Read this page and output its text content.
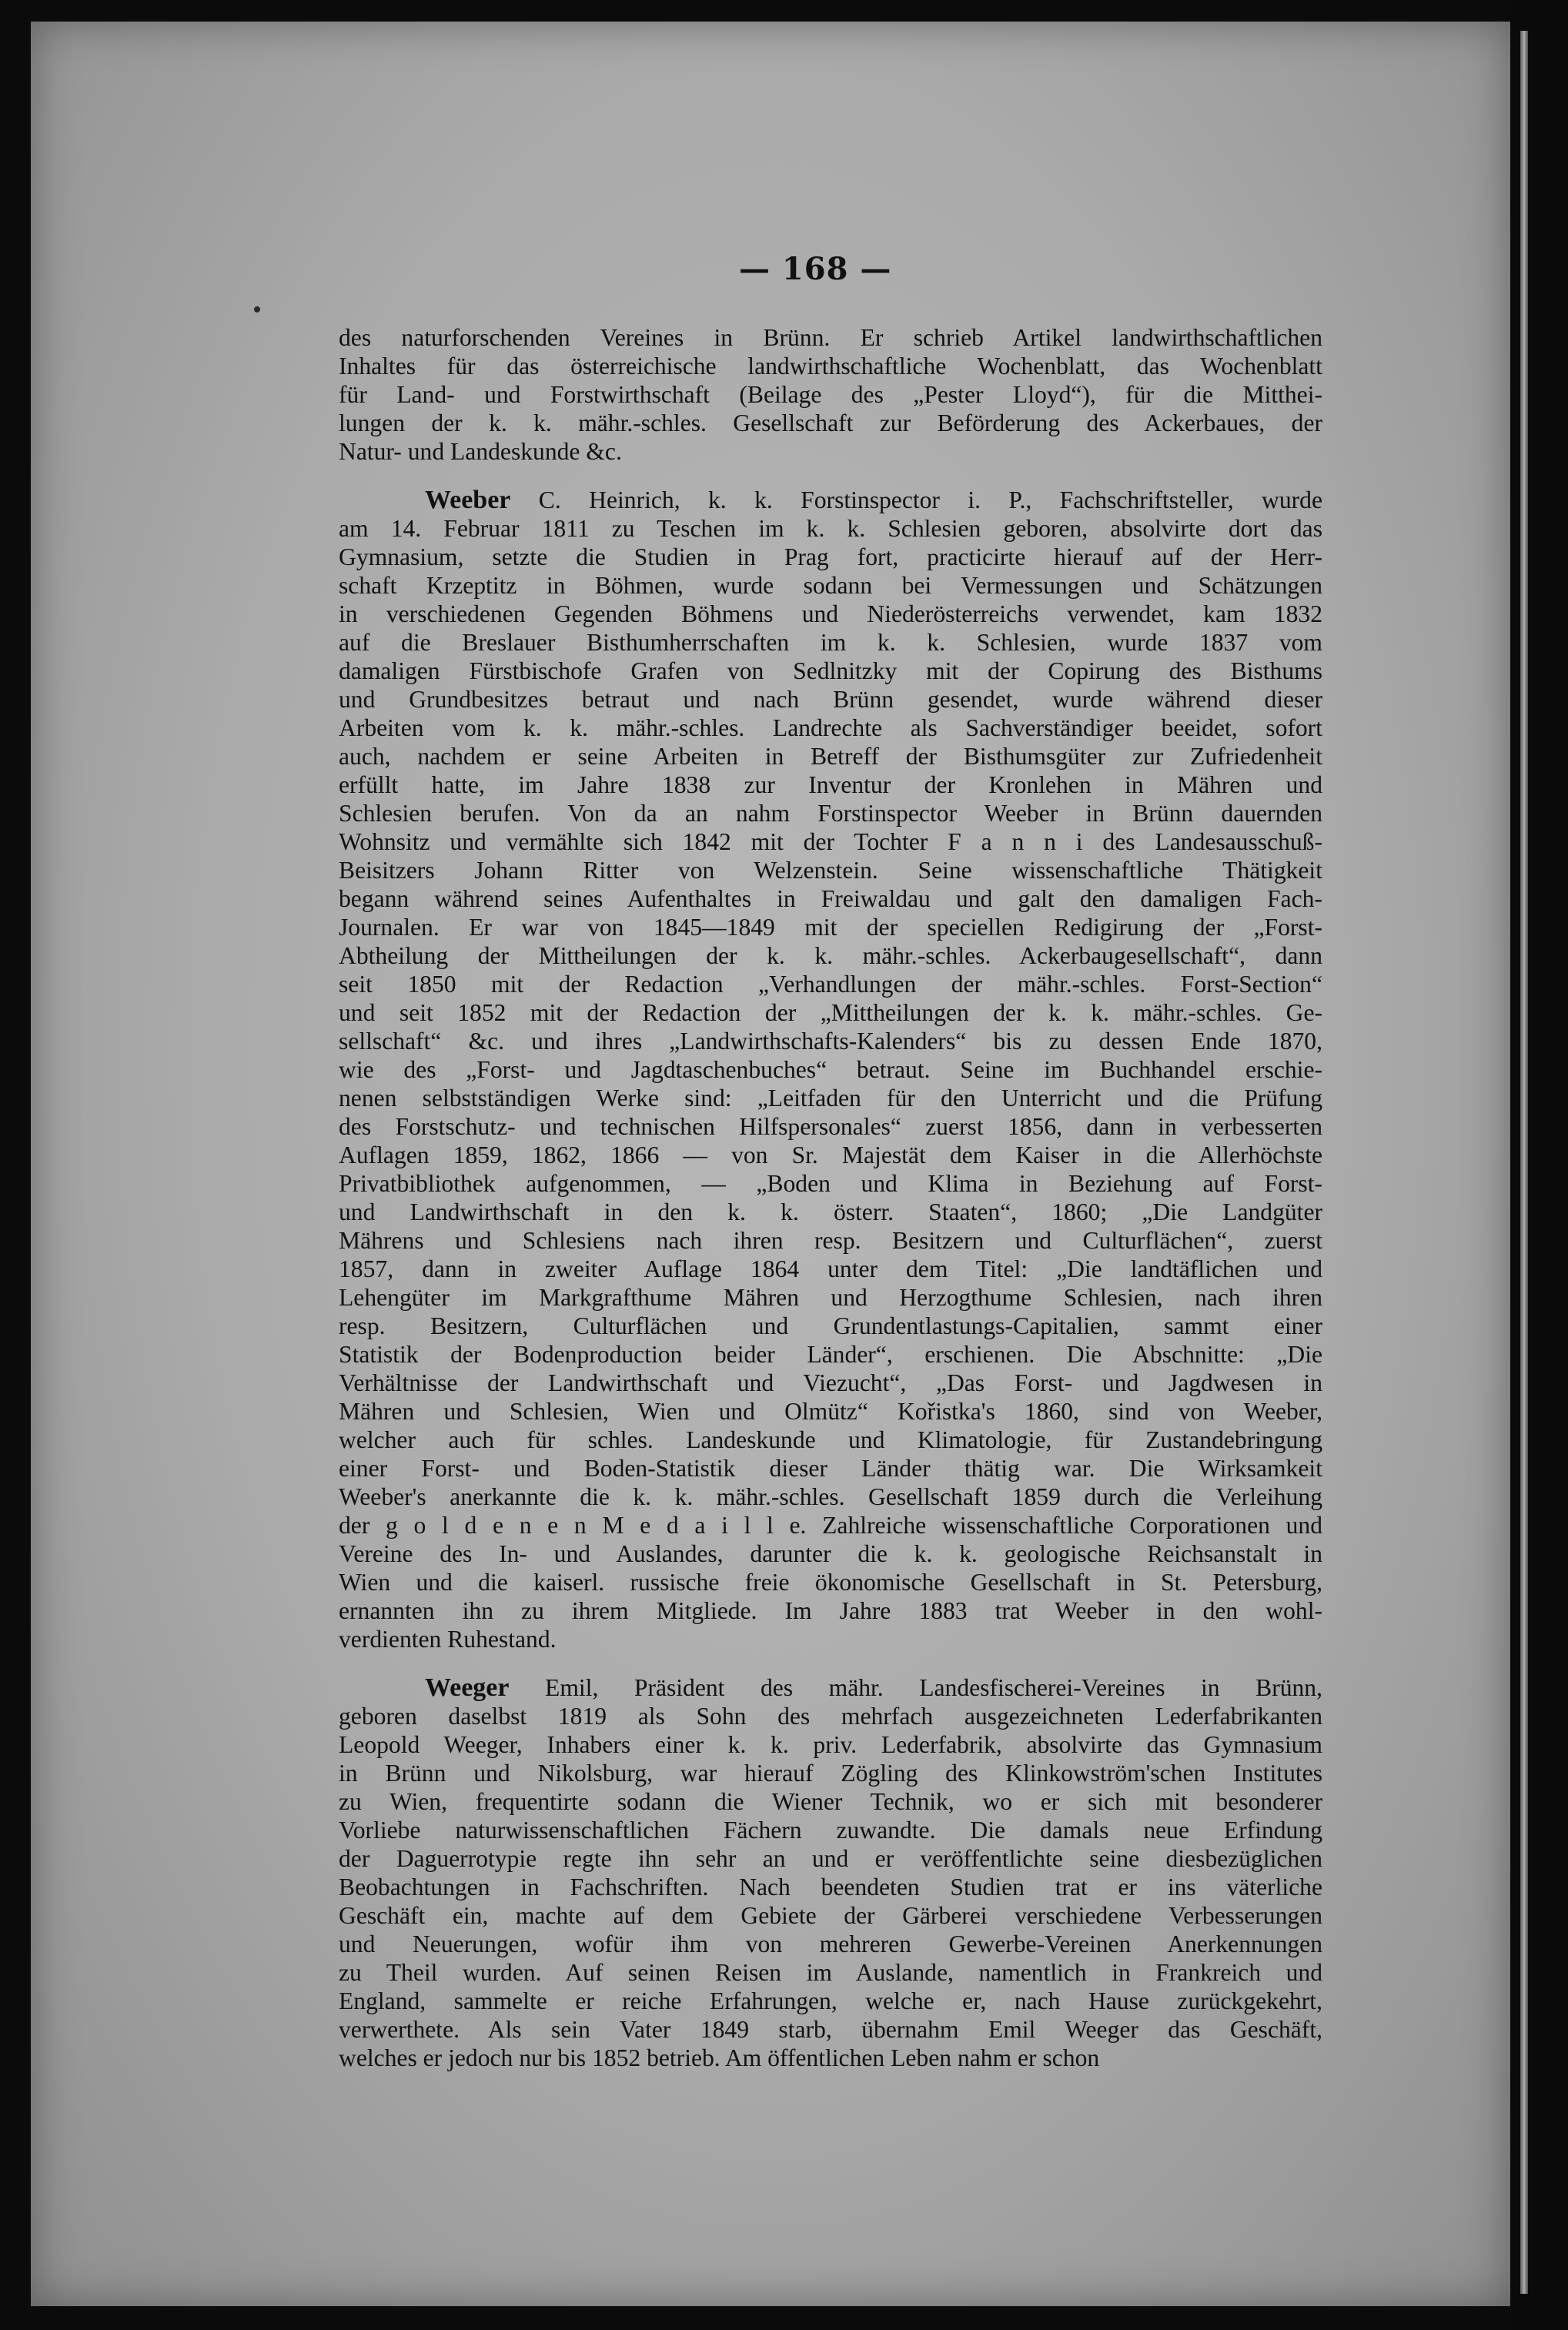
— 168 —
des naturforschenden Vereines in Brünn. Er schrieb Artikel landwirthschaftlichen
Inhaltes für das österreichische landwirthschaftliche Wochenblatt, das Wochenblatt
für Land- und Forstwirthschaft (Beilage des „Pester Lloyd“), für die Mitthei-
lungen der k. k. mähr.-schles. Gesellschaft zur Beförderung des Ackerbaues, der
Natur- und Landeskunde &c.
Weeber C. Heinrich, k. k. Forstinspector i. P., Fachschriftsteller, wurde
am 14. Februar 1811 zu Teschen im k. k. Schlesien geboren, absolvirte dort das
Gymnasium, setzte die Studien in Prag fort, practicirte hierauf auf der Herr-
schaft Krzeptitz in Böhmen, wurde sodann bei Vermessungen und Schätzungen
in verschiedenen Gegenden Böhmens und Niederösterreichs verwendet, kam 1832
auf die Breslauer Bisthumherrschaften im k. k. Schlesien, wurde 1837 vom
damaligen Fürstbischofe Grafen von Sedlnitzky mit der Copirung des Bisthums
und Grundbesitzes betraut und nach Brünn gesendet, wurde während dieser
Arbeiten vom k. k. mähr.-schles. Landrechte als Sachverständiger beeidet, sofort
auch, nachdem er seine Arbeiten in Betreff der Bisthumsgüter zur Zufriedenheit
erfüllt hatte, im Jahre 1838 zur Inventur der Kronlehen in Mähren und
Schlesien berufen. Von da an nahm Forstinspector Weeber in Brünn dauernden
Wohnsitz und vermählte sich 1842 mit der Tochter F a n n i des Landesausschuß-
Beisitzers Johann Ritter von Welzenstein. Seine wissenschaftliche Thätigkeit
begann während seines Aufenthaltes in Freiwaldau und galt den damaligen Fach-
Journalen. Er war von 1845—1849 mit der speciellen Redigirung der „Forst-
Abtheilung der Mittheilungen der k. k. mähr.-schles. Ackerbaugesellschaft“, dann
seit 1850 mit der Redaction „Verhandlungen der mähr.-schles. Forst-Section“
und seit 1852 mit der Redaction der „Mittheilungen der k. k. mähr.-schles. Ge-
sellschaft“ &c. und ihres „Landwirthschafts-Kalenders“ bis zu dessen Ende 1870,
wie des „Forst- und Jagdtaschenbuches“ betraut. Seine im Buchhandel erschie-
nenen selbstständigen Werke sind: „Leitfaden für den Unterricht und die Prüfung
des Forstschutz- und technischen Hilfspersonales“ zuerst 1856, dann in verbesserten
Auflagen 1859, 1862, 1866 — von Sr. Majestät dem Kaiser in die Allerhöchste
Privatbibliothek aufgenommen, — „Boden und Klima in Beziehung auf Forst-
und Landwirthschaft in den k. k. österr. Staaten“, 1860; „Die Landgüter
Mährens und Schlesiens nach ihren resp. Besitzern und Culturflächen“, zuerst
1857, dann in zweiter Auflage 1864 unter dem Titel: „Die landtäflichen und
Lehengüter im Markgrafthume Mähren und Herzogthume Schlesien, nach ihren
resp. Besitzern, Culturflächen und Grundentlastungs-Capitalien, sammt einer
Statistik der Bodenproduction beider Länder“, erschienen. Die Abschnitte: „Die
Verhältnisse der Landwirthschaft und Viezucht“, „Das Forst- und Jagdwesen in
Mähren und Schlesien, Wien und Olmütz“ Kořistka's 1860, sind von Weeber,
welcher auch für schles. Landeskunde und Klimatologie, für Zustandebringung
einer Forst- und Boden-Statistik dieser Länder thätig war. Die Wirksamkeit
Weeber's anerkannte die k. k. mähr.-schles. Gesellschaft 1859 durch die Verleihung
der g o l d e n e n M e d a i l l e. Zahlreiche wissenschaftliche Corporationen und
Vereine des In- und Auslandes, darunter die k. k. geologische Reichsanstalt in
Wien und die kaiserl. russische freie ökonomische Gesellschaft in St. Petersburg,
ernannten ihn zu ihrem Mitgliede. Im Jahre 1883 trat Weeber in den wohl-
verdienten Ruhestand.
Weeger Emil, Präsident des mähr. Landesfischerei-Vereines in Brünn,
geboren daselbst 1819 als Sohn des mehrfach ausgezeichneten Lederfabrikanten
Leopold Weeger, Inhabers einer k. k. priv. Lederfabrik, absolvirte das Gymnasium
in Brünn und Nikolsburg, war hierauf Zögling des Klinkowström'schen Institutes
zu Wien, frequentirte sodann die Wiener Technik, wo er sich mit besonderer
Vorliebe naturwissenschaftlichen Fächern zuwandte. Die damals neue Erfindung
der Daguerrotypie regte ihn sehr an und er veröffentlichte seine diesbezüglichen
Beobachtungen in Fachschriften. Nach beendeten Studien trat er ins väterliche
Geschäft ein, machte auf dem Gebiete der Gärberei verschiedene Verbesserungen
und Neuerungen, wofür ihm von mehreren Gewerbe-Vereinen Anerkennungen
zu Theil wurden. Auf seinen Reisen im Auslande, namentlich in Frankreich und
England, sammelte er reiche Erfahrungen, welche er, nach Hause zurückgekehrt,
verwerthete. Als sein Vater 1849 starb, übernahm Emil Weeger das Geschäft,
welches er jedoch nur bis 1852 betrieb. Am öffentlichen Leben nahm er schon
